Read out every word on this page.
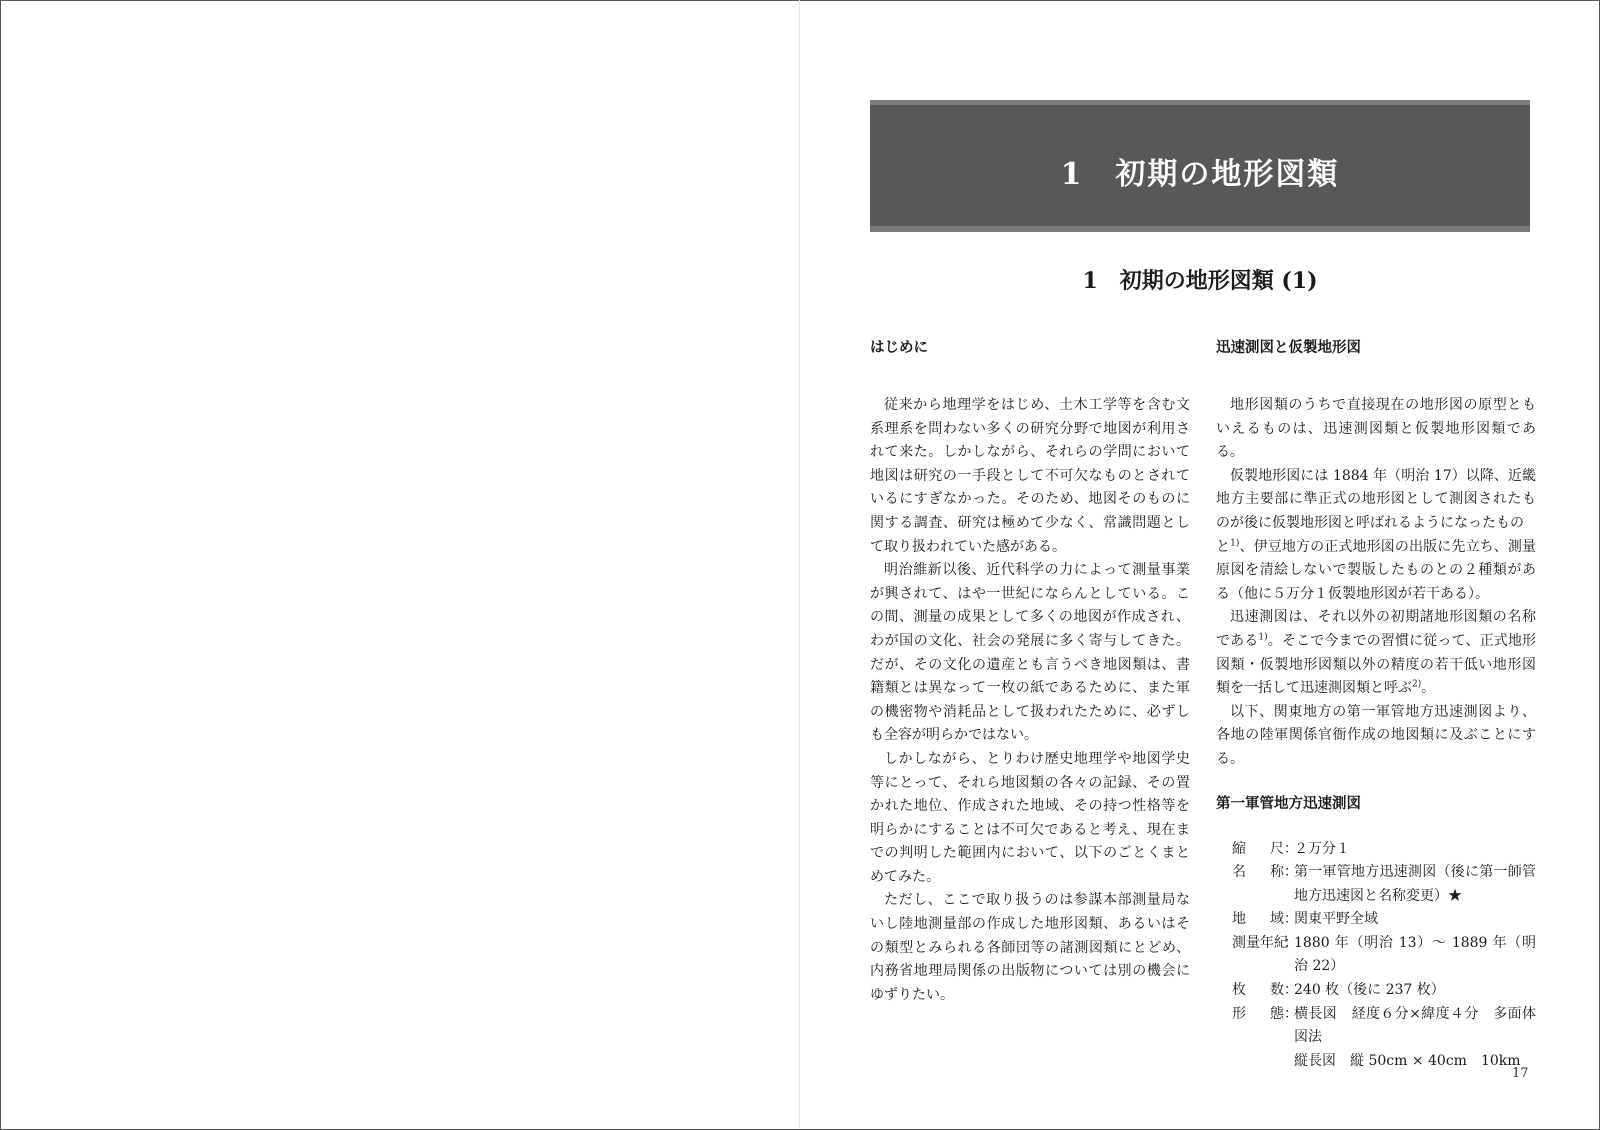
1　初期の地形図類
1　初期の地形図類 (1)

はじめに

従来から地理学をはじめ、土木工学等を含む文系理系を問わない多くの研究分野で地図が利用されて来た。しかしながら、それらの学問において地図は研究の一手段として不可欠なものとされているにすぎなかった。そのため、地図そのものに関する調査、研究は極めて少なく、常識問題として取り扱われていた感がある。

明治維新以後、近代科学の力によって測量事業が興されて、はや一世紀にならんとしている。この間、測量の成果として多くの地図が作成され、わが国の文化、社会の発展に多く寄与してきた。だが、その文化の遺産とも言うべき地図類は、書籍類とは異なって一枚の紙であるために、また軍の機密物や消耗品として扱われたために、必ずしも全容が明らかではない。

しかしながら、とりわけ歴史地理学や地図学史等にとって、それら地図類の各々の記録、その置かれた地位、作成された地域、その持つ性格等を明らかにすることは不可欠であると考え、現在までの判明した範囲内において、以下のごとくまとめてみた。

ただし、ここで取り扱うのは参謀本部測量局ないし陸地測量部の作成した地形図類、あるいはその類型とみられる各師団等の諸測図類にとどめ、内務省地理局関係の出版物については別の機会にゆずりたい。

迅速測図と仮製地形図

地形図類のうちで直接現在の地形図の原型ともいえるものは、迅速測図類と仮製地形図類である。

仮製地形図には 1884 年（明治 17）以降、近畿地方主要部に準正式の地形図として測図されたものが後に仮製地形図と呼ばれるようになったもの
と$^{1)}$、伊豆地方の正式地形図の出版に先立ち、測量原図を清絵しないで製版したものとの２種類がある（他に５万分１仮製地形図が若干ある）。

迅速測図は、それ以外の初期諸地形図類の名称である$^{1)}$。そこで今までの習慣に従って、正式地形図類・仮製地形図類以外の精度の若干低い地形図類を一括して迅速測図類と呼ぶ$^{2)}$。

以下、関東地方の第一軍管地方迅速測図より、各地の陸軍関係官衙作成の地図類に及ぶことにする。

第一軍管地方迅速測図

縮尺 ：
２万分１
名称 ：
第一軍管地方迅速測図（後に第一師管地方迅速図と名称変更）★
地域 ：
関東平野全域
測量年紀
：
1880 年（明治 13）〜 1889 年（明治 22）
枚数 ：
240 枚（後に 237 枚）
形態 ：
横長図　経度６分×緯度４分　多面体図法
縦長図　縦 50cm × 40cm　10km
17
